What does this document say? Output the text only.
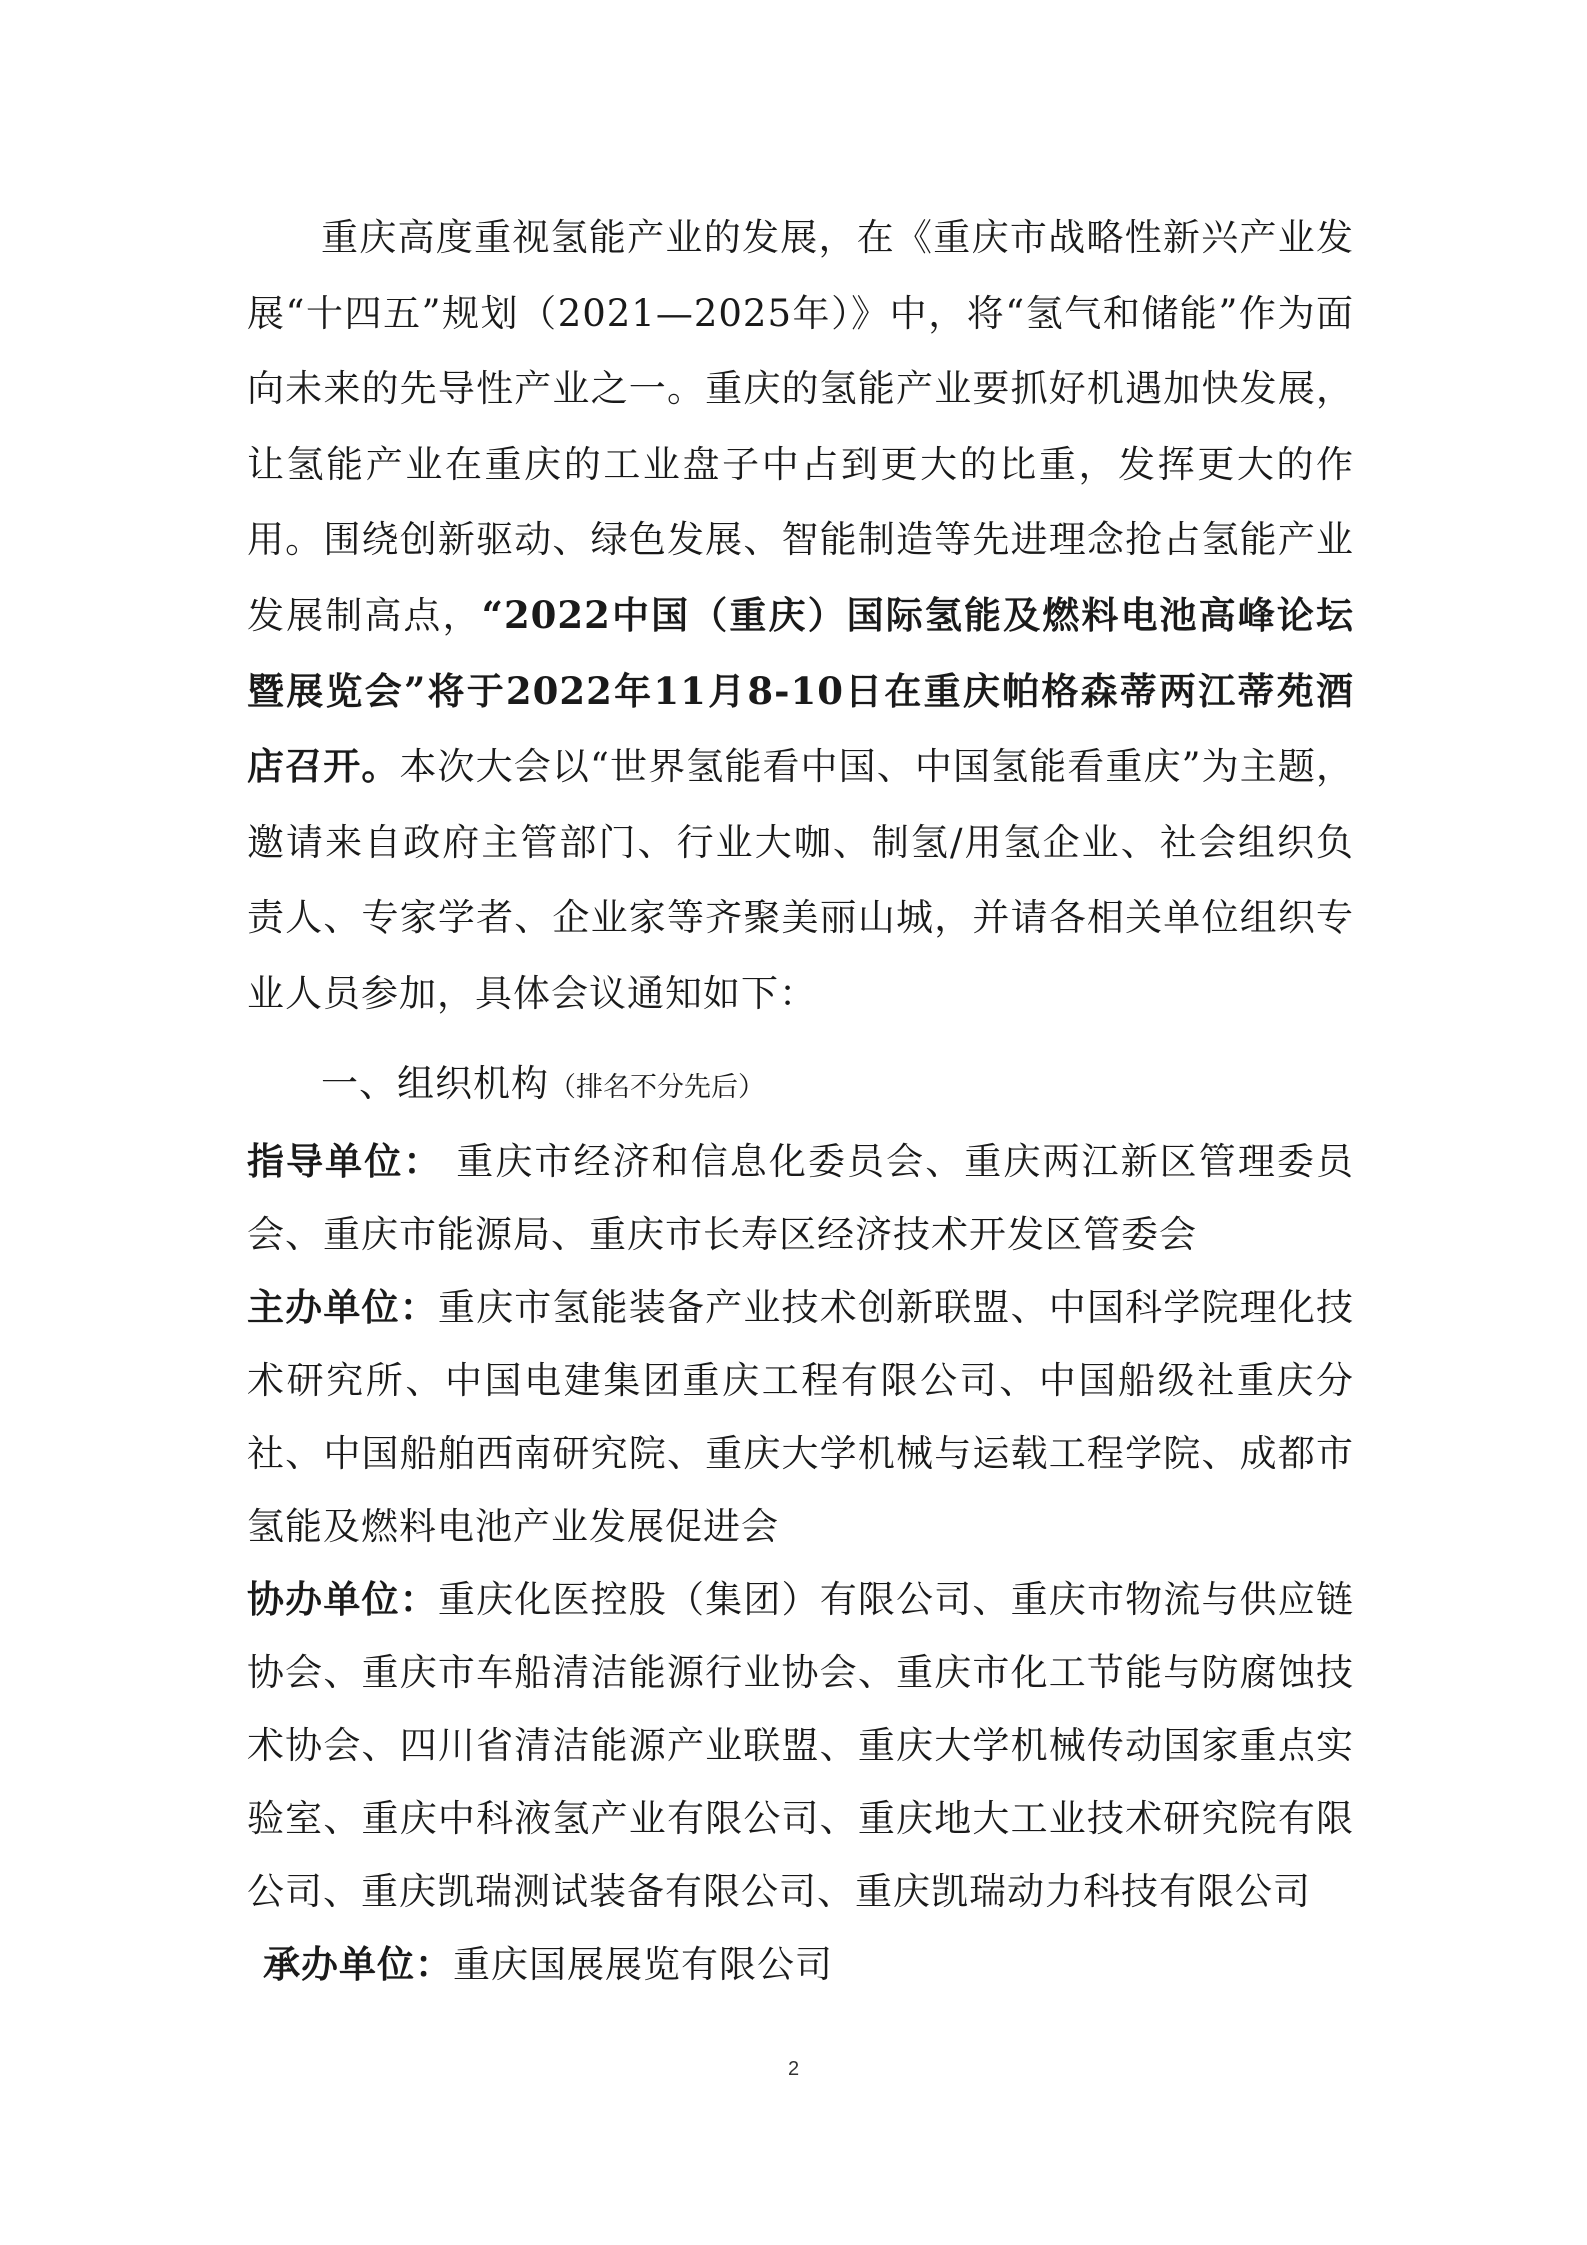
重庆高度重视氢能产业的发展，在《重庆市战略性新兴产业发展“十四五”规划（2021—2025年）》中，将“氢气和储能”作为面向未来的先导性产业之一。重庆的氢能产业要抓好机遇加快发展，让氢能产业在重庆的工业盘子中占到更大的比重，发挥更大的作用。围绕创新驱动、绿色发展、智能制造等先进理念抢占氢能产业发展制高点，“2022中国（重庆）国际氢能及燃料电池高峰论坛暨展览会”将于2022年11月8-10日在重庆帕格森蒂两江蒂苑酒店召开。本次大会以“世界氢能看中国、中国氢能看重庆”为主题，邀请来自政府主管部门、行业大咖、制氢/用氢企业、社会组织负责人、专家学者、企业家等齐聚美丽山城，并请各相关单位组织专业人员参加，具体会议通知如下：

一、组织机构（排名不分先后）

指导单位： 重庆市经济和信息化委员会、重庆两江新区管理委员会、重庆市能源局、重庆市长寿区经济技术开发区管委会

主办单位：重庆市氢能装备产业技术创新联盟、中国科学院理化技术研究所、中国电建集团重庆工程有限公司、中国船级社重庆分社、中国船舶西南研究院、重庆大学机械与运载工程学院、成都市氢能及燃料电池产业发展促进会

协办单位：重庆化医控股（集团）有限公司、重庆市物流与供应链协会、重庆市车船清洁能源行业协会、重庆市化工节能与防腐蚀技术协会、四川省清洁能源产业联盟、重庆大学机械传动国家重点实验室、重庆中科液氢产业有限公司、重庆地大工业技术研究院有限公司、重庆凯瑞测试装备有限公司、重庆凯瑞动力科技有限公司

承办单位：重庆国展展览有限公司

2
